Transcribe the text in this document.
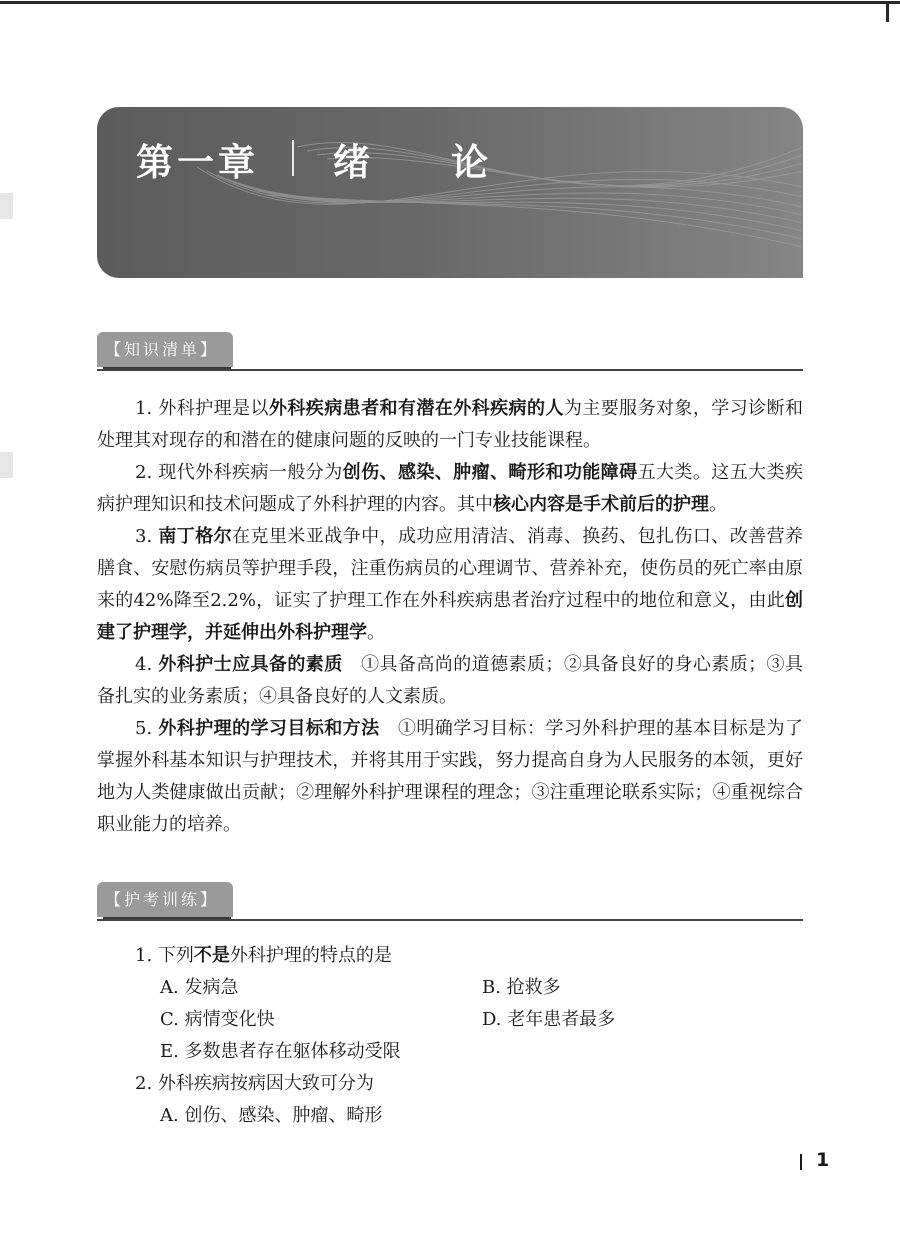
第一章 绪 论
【知识清单】

1. 外科护理是以外科疾病患者和有潜在外科疾病的人为主要服务对象，学习诊断和处理其对现存的和潜在的健康问题的反映的一门专业技能课程。

2. 现代外科疾病一般分为创伤、感染、肿瘤、畸形和功能障碍五大类。这五大类疾病护理知识和技术问题成了外科护理的内容。其中核心内容是手术前后的护理。

3. 南丁格尔在克里米亚战争中，成功应用清洁、消毒、换药、包扎伤口、改善营养膳食、安慰伤病员等护理手段，注重伤病员的心理调节、营养补充，使伤员的死亡率由原来的42%降至2.2%，证实了护理工作在外科疾病患者治疗过程中的地位和意义，由此创建了护理学，并延伸出外科护理学。

4. 外科护士应具备的素质　①具备高尚的道德素质；②具备良好的身心素质；③具备扎实的业务素质；④具备良好的人文素质。

5. 外科护理的学习目标和方法　①明确学习目标：学习外科护理的基本目标是为了掌握外科基本知识与护理技术，并将其用于实践，努力提高自身为人民服务的本领，更好地为人类健康做出贡献；②理解外科护理课程的理念；③注重理论联系实际；④重视综合职业能力的培养。

【护考训练】

1. 下列不是外科护理的特点的是

A. 发病急	B. 抢救多

C. 病情变化快	D. 老年患者最多

E. 多数患者存在躯体移动受限

2. 外科疾病按病因大致可分为

A. 创伤、感染、肿瘤、畸形

1
